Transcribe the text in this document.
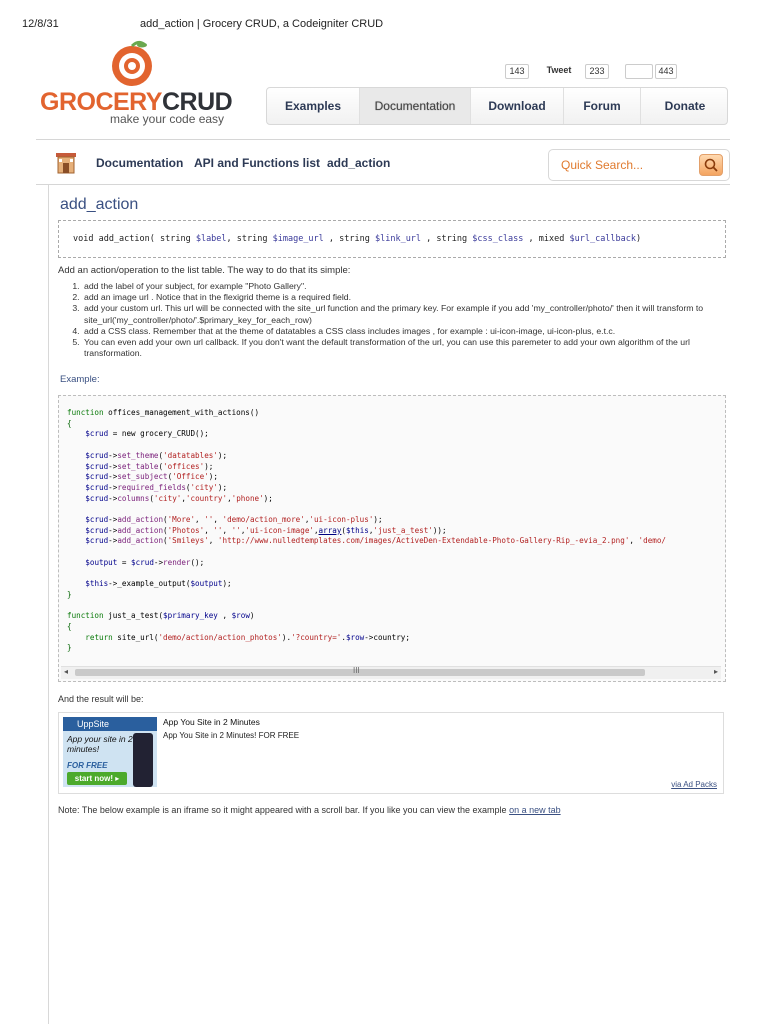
12/8/31	add_action | Grocery CRUD, a Codeigniter CRUD
GROCERYCRUD
make your code easy
143	Tweet	233	443
Examples	Documentation	Download	Forum	Donate
Documentation API and Functions list add_action	Quick Search...
add_action
void add_action( string $label, string $image_url , string $link_url , string $css_class , mixed $url_callback)
Add an action/operation to the list table. The way to do that its simple:
1. add the label of your subject, for example "Photo Gallery".
2. add an image url . Notice that in the flexigrid theme is a required field.
3. add your custom url. This url will be connected with the site_url function and the primary key. For example if you add 'my_controller/photo/' then it will transform to site_url('my_controller/photo/'.$primary_key_for_each_row)
4. add a CSS class. Remember that at the theme of datatables a CSS class includes images , for example : ui-icon-image, ui-icon-plus, e.t.c.
5. You can even add your own url callback. If you don't want the default transformation of the url, you can use this paremeter to add your own algorithm of the url transformation.
Example:
function offices_management_with_actions()
{
$crud = new grocery_CRUD();

$crud->set_theme('datatables');
$crud->set_table('offices');
$crud->set_subject('Office');
$crud->required_fields('city');
$crud->columns('city','country','phone');

$crud->add_action('More', '', 'demo/action_more','ui-icon-plus');
$crud->add_action('Photos', '', '','ui-icon-image',array($this,'just_a_test'));
$crud->add_action('Smileys', 'http://www.nulledtemplates.com/images/ActiveDen-Extendable-Photo-Gallery-Rip_-evia_2.png', 'demo/

$output = $crud->render();

$this->_example_output($output);
}

function just_a_test($primary_key , $row)
{
return site_url('demo/action/action_photos').'?country='.$row->country;
}
◂	III	▸
And the result will be:
UppSite
App your site in 2 minutes!
FOR FREE
start now! ▸
App You Site in 2 Minutes
App You Site in 2 Minutes! FOR FREE
via Ad Packs
Note: The below example is an iframe so it might appeared with a scroll bar. If you like you can view the example on a new tab
